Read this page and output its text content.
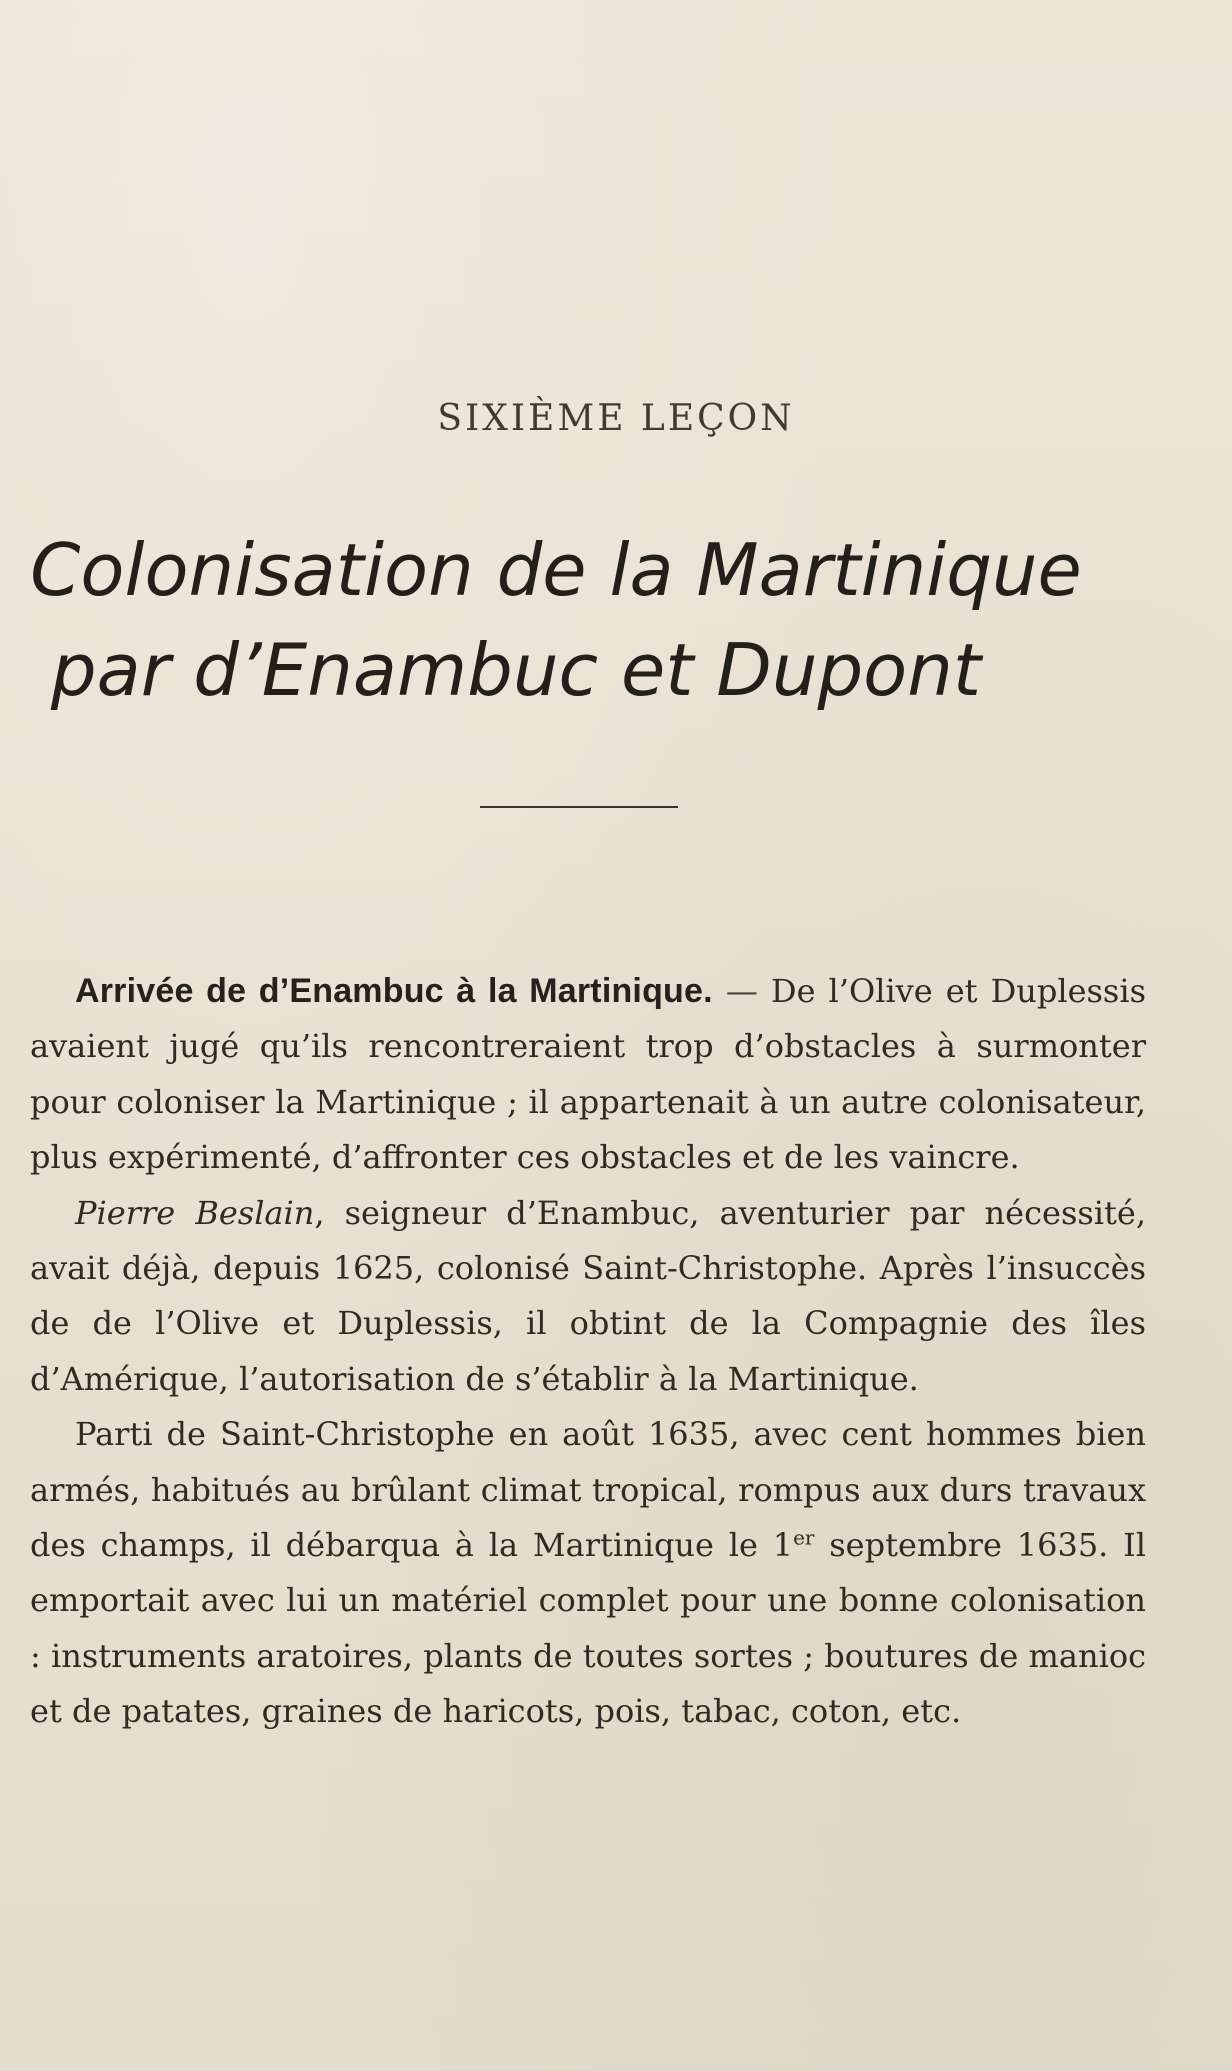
SIXIÈME LEÇON
Colonisation de la Martinique
par d’Enambuc et Dupont

Arrivée de d’Enambuc à la Martinique. — De l’Olive et Duplessis avaient jugé qu’ils rencontreraient trop d’obstacles à surmonter pour coloniser la Martinique ; il appartenait à un autre colonisateur, plus expérimenté, d’affronter ces obstacles et de les vaincre.

Pierre Beslain, seigneur d’Enambuc, aventurier par nécessité, avait déjà, depuis 1625, colonisé Saint-Christophe. Après l’insuccès de de l’Olive et Duplessis, il obtint de la Compagnie des îles d’Amérique, l’autorisation de s’établir à la Martinique.

Parti de Saint-Christophe en août 1635, avec cent hommes bien armés, habitués au brûlant climat tropical, rompus aux durs travaux des champs, il débarqua à la Martinique le 1er septembre 1635. Il emportait avec lui un matériel complet pour une bonne colonisation : instruments aratoires, plants de toutes sortes ; boutures de manioc et de patates, graines de haricots, pois, tabac, coton, etc.
